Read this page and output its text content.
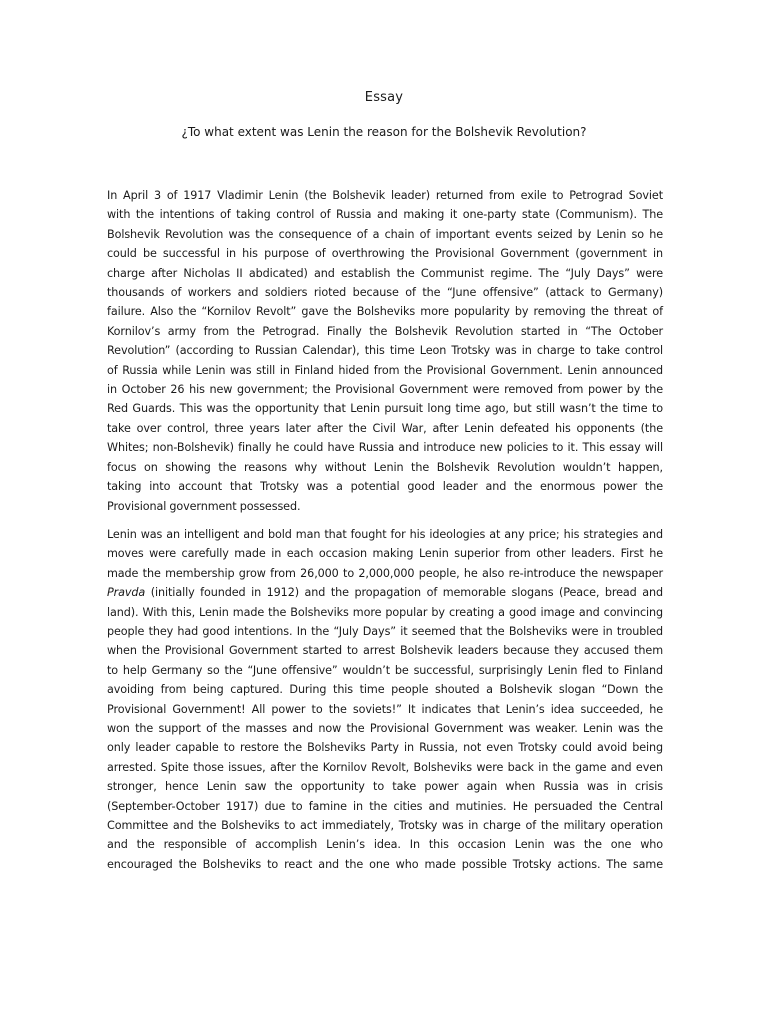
Essay
¿To what extent was Lenin the reason for the Bolshevik Revolution?

In April 3 of 1917 Vladimir Lenin (the Bolshevik leader) returned from exile to Petrograd Soviet
with the intentions of taking control of Russia and making it one-party state (Communism). The
Bolshevik Revolution was the consequence of a chain of important events seized by Lenin so he
could be successful in his purpose of overthrowing the Provisional Government (government in
charge after Nicholas II abdicated) and establish the Communist regime. The “July Days” were
thousands of workers and soldiers rioted because of the “June offensive” (attack to Germany)
failure. Also the “Kornilov Revolt” gave the Bolsheviks more popularity by removing the threat of
Kornilov’s army from the Petrograd. Finally the Bolshevik Revolution started in “The October
Revolution” (according to Russian Calendar), this time Leon Trotsky was in charge to take control
of Russia while Lenin was still in Finland hided from the Provisional Government. Lenin announced
in October 26 his new government; the Provisional Government were removed from power by the
Red Guards. This was the opportunity that Lenin pursuit long time ago, but still wasn’t the time to
take over control, three years later after the Civil War, after Lenin defeated his opponents (the
Whites; non-Bolshevik) finally he could have Russia and introduce new policies to it. This essay will
focus on showing the reasons why without Lenin the Bolshevik Revolution wouldn’t happen,
taking into account that Trotsky was a potential good leader and the enormous power the
Provisional government possessed.

Lenin was an intelligent and bold man that fought for his ideologies at any price; his strategies and
moves were carefully made in each occasion making Lenin superior from other leaders. First he
made the membership grow from 26,000 to 2,000,000 people, he also re-introduce the newspaper
Pravda (initially founded in 1912) and the propagation of memorable slogans (Peace, bread and
land). With this, Lenin made the Bolsheviks more popular by creating a good image and convincing
people they had good intentions. In the “July Days” it seemed that the Bolsheviks were in troubled
when the Provisional Government started to arrest Bolshevik leaders because they accused them
to help Germany so the “June offensive” wouldn’t be successful, surprisingly Lenin fled to Finland
avoiding from being captured. During this time people shouted a Bolshevik slogan “Down the
Provisional Government! All power to the soviets!” It indicates that Lenin’s idea succeeded, he
won the support of the masses and now the Provisional Government was weaker. Lenin was the
only leader capable to restore the Bolsheviks Party in Russia, not even Trotsky could avoid being
arrested. Spite those issues, after the Kornilov Revolt, Bolsheviks were back in the game and even
stronger, hence Lenin saw the opportunity to take power again when Russia was in crisis
(September-October 1917) due to famine in the cities and mutinies. He persuaded the Central
Committee and the Bolsheviks to act immediately, Trotsky was in charge of the military operation
and the responsible of accomplish Lenin’s idea. In this occasion Lenin was the one who
encouraged the Bolsheviks to react and the one who made possible Trotsky actions. The same
